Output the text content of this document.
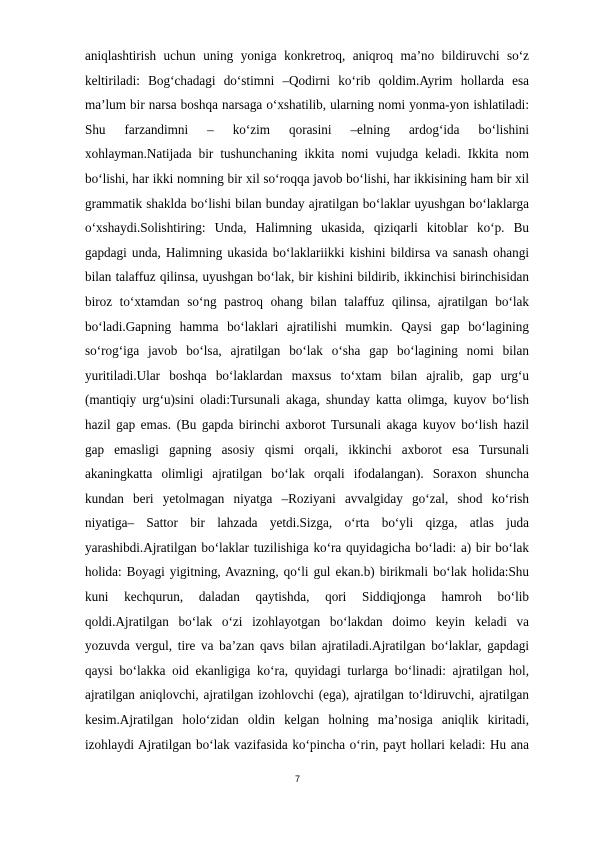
aniqlashtirish uchun uning yoniga konkretroq, aniqroq ma’no bildiruvchi so‘z
keltiriladi: Bog‘chadagi do‘stimni –Qodirni ko‘rib qoldim.Ayrim hollarda esa
ma’lum bir narsa boshqa narsaga o‘xshatilib, ularning nomi yonma-yon ishlatiladi:
Shu farzandimni – ko‘zim qorasini –elning ardog‘ida bo‘lishini
xohlayman.Natijada bir tushunchaning ikkita nomi vujudga keladi. Ikkita nom
bo‘lishi, har ikki nomning bir xil so‘roqqa javob bo‘lishi, har ikkisining ham bir xil
grammatik shaklda bo‘lishi bilan bunday ajratilgan bo‘laklar uyushgan bo‘laklarga
o‘xshaydi.Solishtiring: Unda, Halimning ukasida, qiziqarli kitoblar ko‘p. Bu
gapdagi unda, Halimning ukasida bo‘laklariikki kishini bildirsa va sanash ohangi
bilan talaffuz qilinsa, uyushgan bo‘lak, bir kishini bildirib, ikkinchisi birinchisidan
biroz to‘xtamdan so‘ng pastroq ohang bilan talaffuz qilinsa, ajratilgan bo‘lak
bo‘ladi.Gapning hamma bo‘laklari ajratilishi mumkin. Qaysi gap bo‘lagining
so‘rog‘iga javob bo‘lsa, ajratilgan bo‘lak o‘sha gap bo‘lagining nomi bilan
yuritiladi.Ular boshqa bo‘laklardan maxsus to‘xtam bilan ajralib, gap urg‘u
(mantiqiy urg‘u)sini oladi:Tursunali akaga, shunday katta olimga, kuyov bo‘lish
hazil gap emas. (Bu gapda birinchi axborot Tursunali akaga kuyov bo‘lish hazil
gap emasligi gapning asosiy qismi orqali, ikkinchi axborot esa Tursunali
akaningkatta olimligi ajratilgan bo‘lak orqali ifodalangan). Soraxon shuncha
kundan beri yetolmagan niyatga –Roziyani avvalgiday go‘zal, shod ko‘rish
niyatiga– Sattor bir lahzada yetdi.Sizga, o‘rta bo‘yli qizga, atlas juda
yarashibdi.Ajratilgan bo‘laklar tuzilishiga ko‘ra quyidagicha bo‘ladi: a) bir bo‘lak
holida: Boyagi yigitning, Avazning, qo‘li gul ekan.b) birikmali bo‘lak holida:Shu
kuni kechqurun, daladan qaytishda, qori Siddiqjonga hamroh bo‘lib
qoldi.Ajratilgan bo‘lak o‘zi izohlayotgan bo‘lakdan doimo keyin keladi va
yozuvda vergul, tire va ba’zan qavs bilan ajratiladi.Ajratilgan bo‘laklar, gapdagi
qaysi bo‘lakka oid ekanligiga ko‘ra, quyidagi turlarga bo‘linadi: ajratilgan hol,
ajratilgan aniqlovchi, ajratilgan izohlovchi (ega), ajratilgan to‘ldiruvchi, ajratilgan
kesim.Ajratilgan holo‘zidan oldin kelgan holning ma’nosiga aniqlik kiritadi,
izohlaydi Ajratilgan bo‘lak vazifasida ko‘pincha o‘rin, payt hollari keladi: Hu ana
7
